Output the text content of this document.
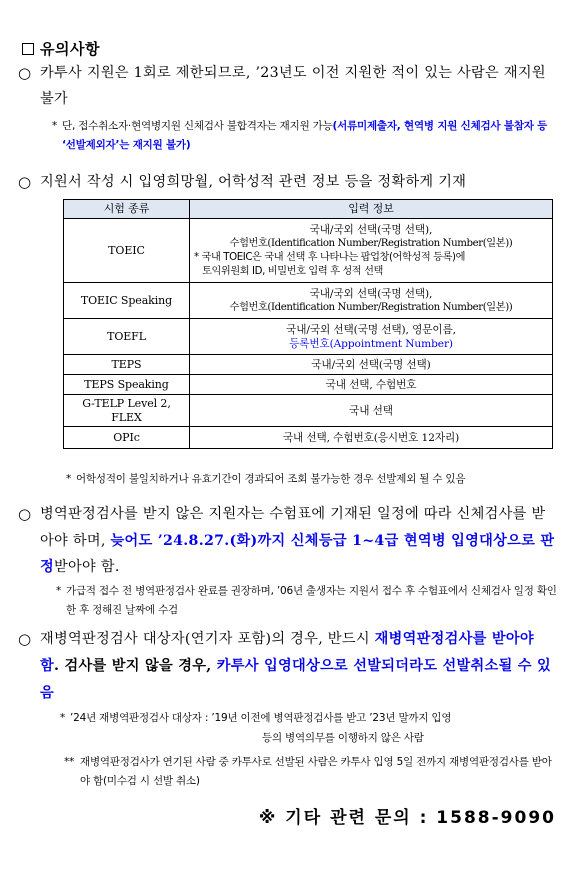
유의사항
○ 카투사 지원은 1회로 제한되므로, ’23년도 이전 지원한 적이 있는 사람은 재지원 불가
* 단, 접수취소자·현역병지원 신체검사 불합격자는 재지원 가능(서류미제출자, 현역병 지원 신체검사 불참자 등 ‘선발제외자’는 재지원 불가)
○ 지원서 작성 시 입영희망월, 어학성적 관련 정보 등을 정확하게 기재
시험 종류	입력 정보
TOEIC	국내/국외 선택(국명 선택),
수험번호(Identification Number/Registration Number(일본))
* 국내 TOEIC은 국내 선택 후 나타나는 팝업창(어학성적 등록)에
토익위원회 ID, 비밀번호 입력 후 성적 선택

TOEIC Speaking	국내/국외 선택(국명 선택),
수험번호(Identification Number/Registration Number(일본))

TOEFL	국내/국외 선택(국명 선택), 영문이름,
등록번호(Appointment Number)

TEPS	국내/국외 선택(국명 선택)
TEPS Speaking	국내 선택, 수험번호

G-TELP Level 2,
FLEX	국내 선택
OPIc	국내 선택, 수험번호(응시번호 12자리)
* 어학성적이 불일치하거나 유효기간이 경과되어 조회 불가능한 경우 선발제외 될 수 있음
○ 병역판정검사를 받지 않은 지원자는 수험표에 기재된 일정에 따라 신체검사를 받아야 하며, 늦어도 ’24.8.27.(화)까지 신체등급 1~4급 현역병 입영대상으로 판정받아야 함.
* 가급적 접수 전 병역판정검사 완료를 권장하며, ’06년 출생자는 지원서 접수 후 수험표에서 신체검사 일정 확인한 후 정해진 날짜에 수검
○ 재병역판정검사 대상자(연기자 포함)의 경우, 반드시 재병역판정검사를 받아야 함. 검사를 받지 않을 경우, 카투사 입영대상으로 선발되더라도 선발취소될 수 있음
* ’24년 재병역판정검사 대상자 : ’19년 이전에 병역판정검사를 받고 ’23년 말까지 입영
등의 병역의무를 이행하지 않은 사람
** 재병역판정검사가 연기된 사람 중 카투사로 선발된 사람은 카투사 입영 5일 전까지 재병역판정검사를 받아야 함(미수검 시 선발 취소)
※ 기타 관련 문의 : 1588-9090
